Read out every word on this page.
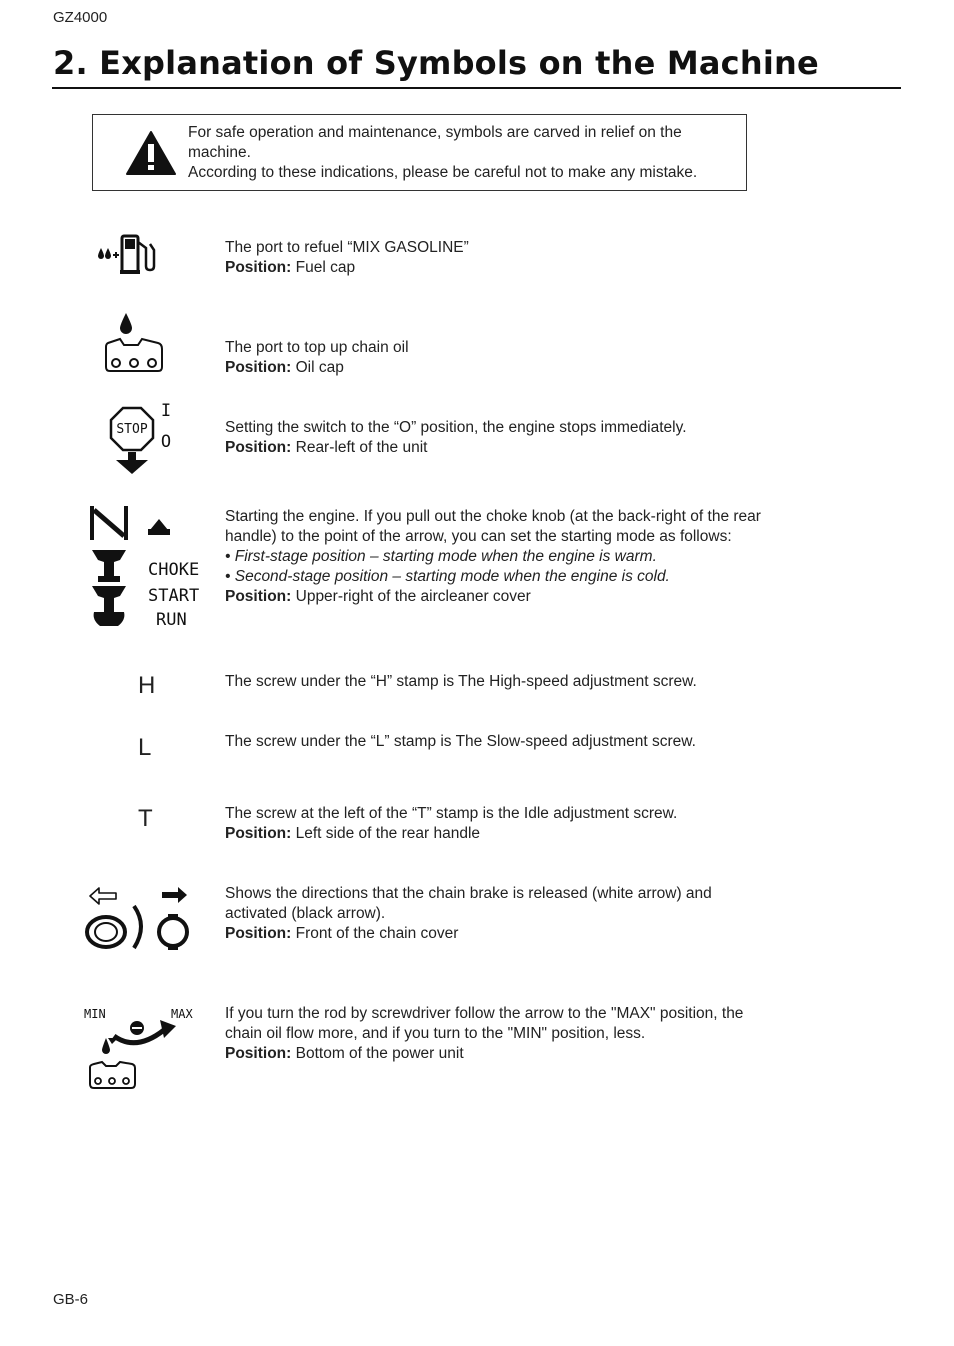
GZ4000
2. Explanation of Symbols on the Machine
For safe operation and maintenance, symbols are carved in relief on the machine.
According to these indications, please be careful not to make any mistake.

The port to refuel “MIX GASOLINE”

Position: Fuel cap

The port to top up chain oil

Position: Oil cap

STOP
I
O

Setting the switch to the “O” position, the engine stops immediately.

Position: Rear-left of the unit

CHOKE
START
RUN

Starting the engine. If you pull out the choke knob (at the back-right of the rear handle) to the point of the arrow, you can set the starting mode as follows:

• First-stage position – starting mode when the engine is warm.

• Second-stage position – starting mode when the engine is cold.

Position: Upper-right of the aircleaner cover

H	The screw under the “H” stamp is The High-speed adjustment screw.

L	The screw under the “L” stamp is The Slow-speed adjustment screw.

T	The screw at the left of the “T” stamp is the Idle adjustment screw.

Position: Left side of the rear handle

Shows the directions that the chain brake is released (white arrow) and activated (black arrow).

Position: Front of the chain cover

MIN	MAX If you turn the rod by screwdriver follow the arrow to the "MAX" position, the chain oil flow more, and if you turn to the "MIN" position, less.

Position: Bottom of the power unit

GB-6
